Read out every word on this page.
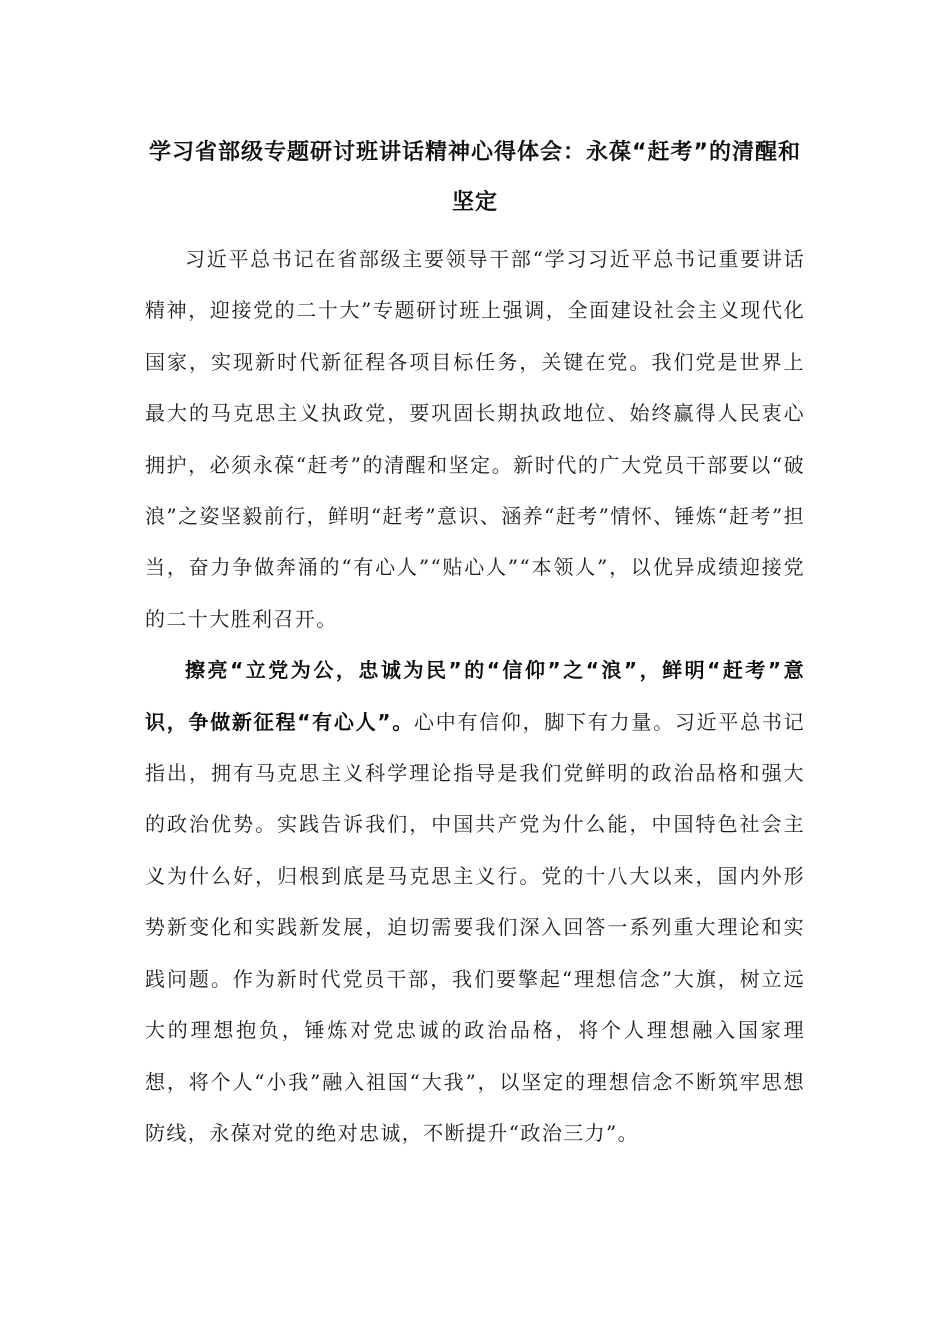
学习省部级专题研讨班讲话精神心得体会：永葆“赶考”的清醒和坚定

习近平总书记在省部级主要领导干部“学习习近平总书记重要讲话精神，迎接党的二十大”专题研讨班上强调，全面建设社会主义现代化国家，实现新时代新征程各项目标任务，关键在党。我们党是世界上最大的马克思主义执政党，要巩固长期执政地位、始终赢得人民衷心拥护，必须永葆“赶考”的清醒和坚定。新时代的广大党员干部要以“破浪”之姿坚毅前行，鲜明“赶考”意识、涵养“赶考”情怀、锤炼“赶考”担当，奋力争做奔涌的“有心人”“贴心人”“本领人”，以优异成绩迎接党的二十大胜利召开。

擦亮“立党为公，忠诚为民”的“信仰”之“浪”，鲜明“赶考”意识，争做新征程“有心人”。心中有信仰，脚下有力量。习近平总书记指出，拥有马克思主义科学理论指导是我们党鲜明的政治品格和强大的政治优势。实践告诉我们，中国共产党为什么能，中国特色社会主义为什么好，归根到底是马克思主义行。党的十八大以来，国内外形势新变化和实践新发展，迫切需要我们深入回答一系列重大理论和实践问题。作为新时代党员干部，我们要擎起“理想信念”大旗，树立远大的理想抱负，锤炼对党忠诚的政治品格，将个人理想融入国家理想，将个人“小我”融入祖国“大我”，以坚定的理想信念不断筑牢思想防线，永葆对党的绝对忠诚，不断提升“政治三力”。
